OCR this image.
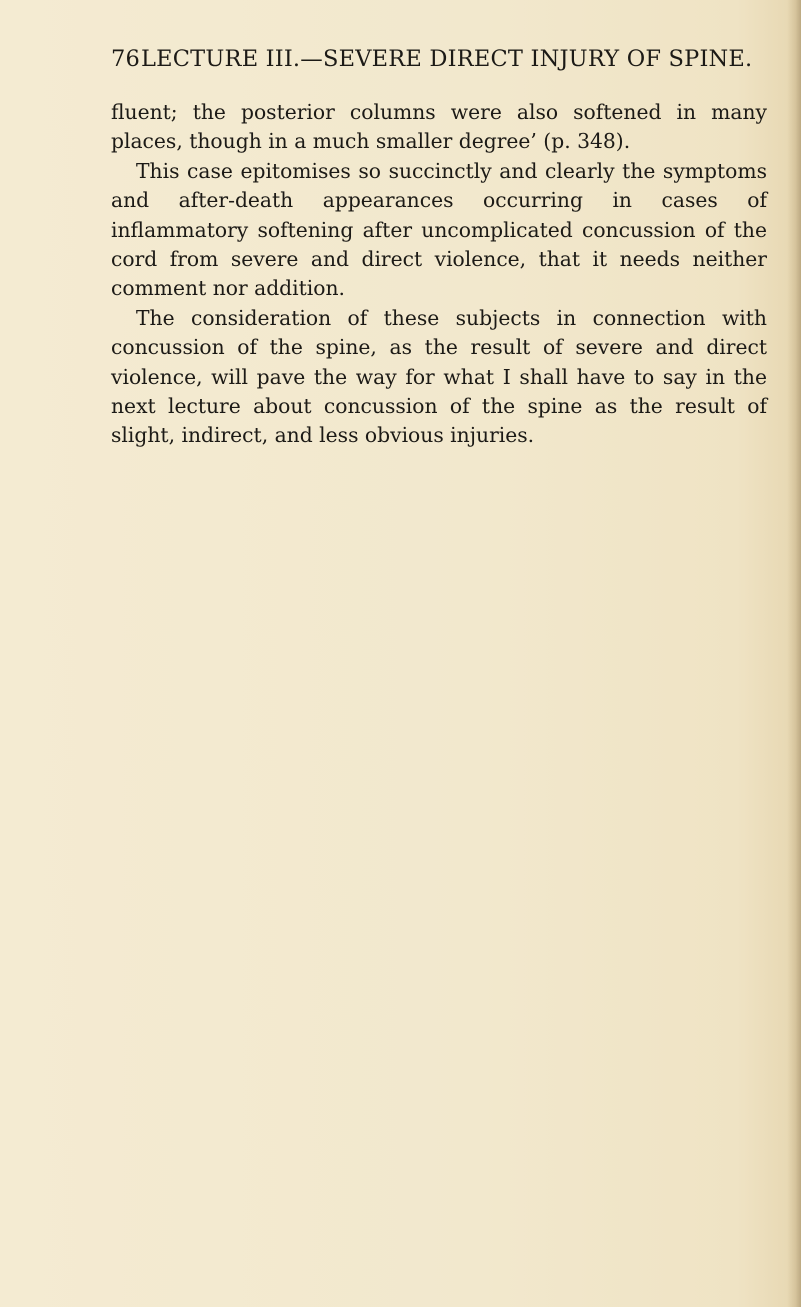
76LECTURE III.—SEVERE DIRECT INJURY OF SPINE.

fluent; the posterior columns were also softened in many places, though in a much smaller degree’ (p. 348).

This case epitomises so succinctly and clearly the symptoms and after-death appearances occurring in cases of inflammatory softening after uncomplicated concussion of the cord from severe and direct violence, that it needs neither comment nor addition.

The consideration of these subjects in connection with concussion of the spine, as the result of severe and direct violence, will pave the way for what I shall have to say in the next lecture about concussion of the spine as the result of slight, indirect, and less obvious injuries.
